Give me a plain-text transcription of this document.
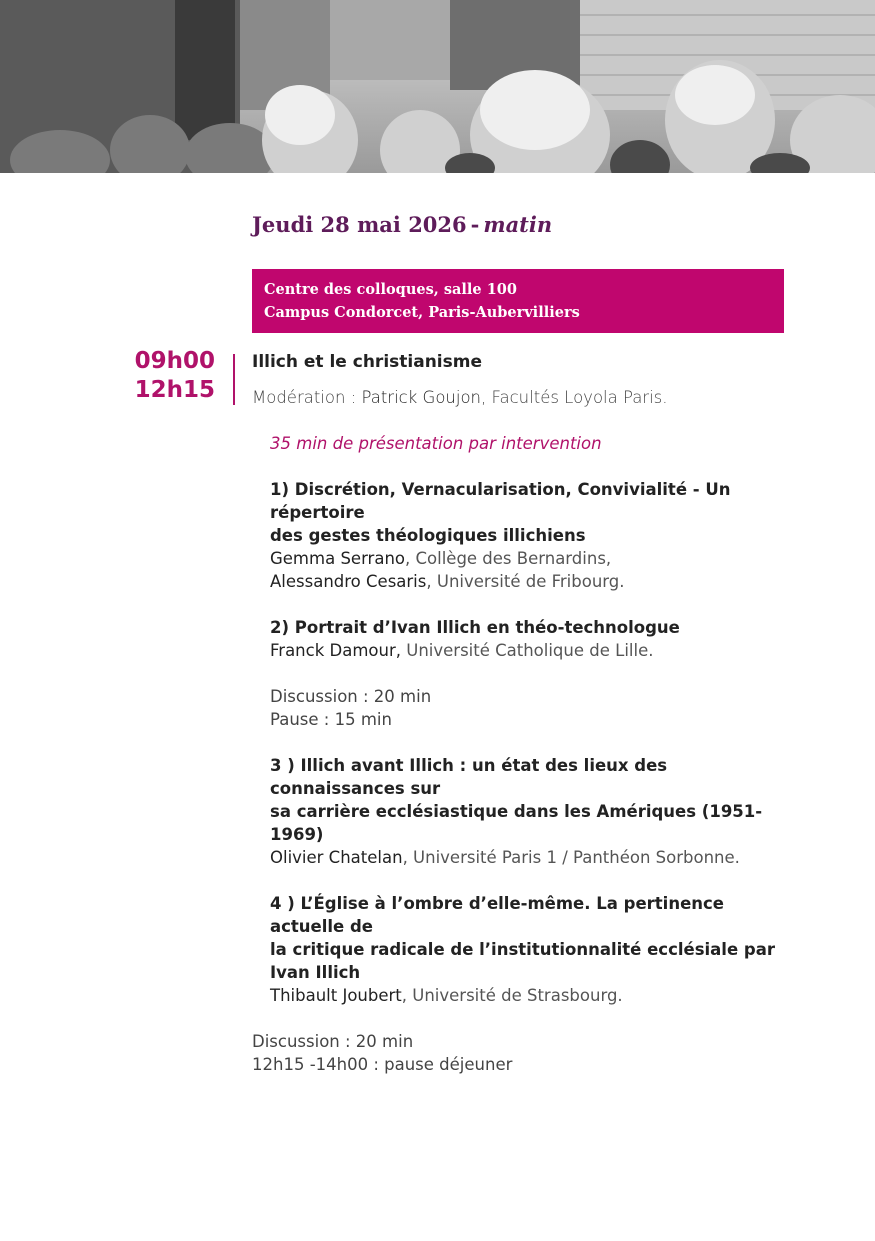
Jeudi 28 mai 2026 - matin
Centre des colloques, salle 100
Campus Condorcet, Paris-Aubervilliers
09h00
12h15

Illich et le christianisme

Modération : Patrick Goujon, Facultés Loyola Paris.

35 min de présentation par intervention

1) Discrétion, Vernacularisation, Convivialité - Un répertoire
des gestes théologiques illichiens
Gemma Serrano, Collège des Bernardins,
Alessandro Cesaris, Université de Fribourg.
2) Portrait d’Ivan Illich en théo-technologue
Franck Damour, Université Catholique de Lille.
Discussion : 20 min
Pause : 15 min
3 ) Illich avant Illich : un état des lieux des connaissances sur
sa carrière ecclésiastique dans les Amériques (1951-1969)
Olivier Chatelan, Université Paris 1 / Panthéon Sorbonne.
4 ) L’Église à l’ombre d’elle-même. La pertinence actuelle de
la critique radicale de l’institutionnalité ecclésiale par
Ivan Illich
Thibault Joubert, Université de Strasbourg.
Discussion : 20 min
12h15 -14h00 : pause déjeuner
